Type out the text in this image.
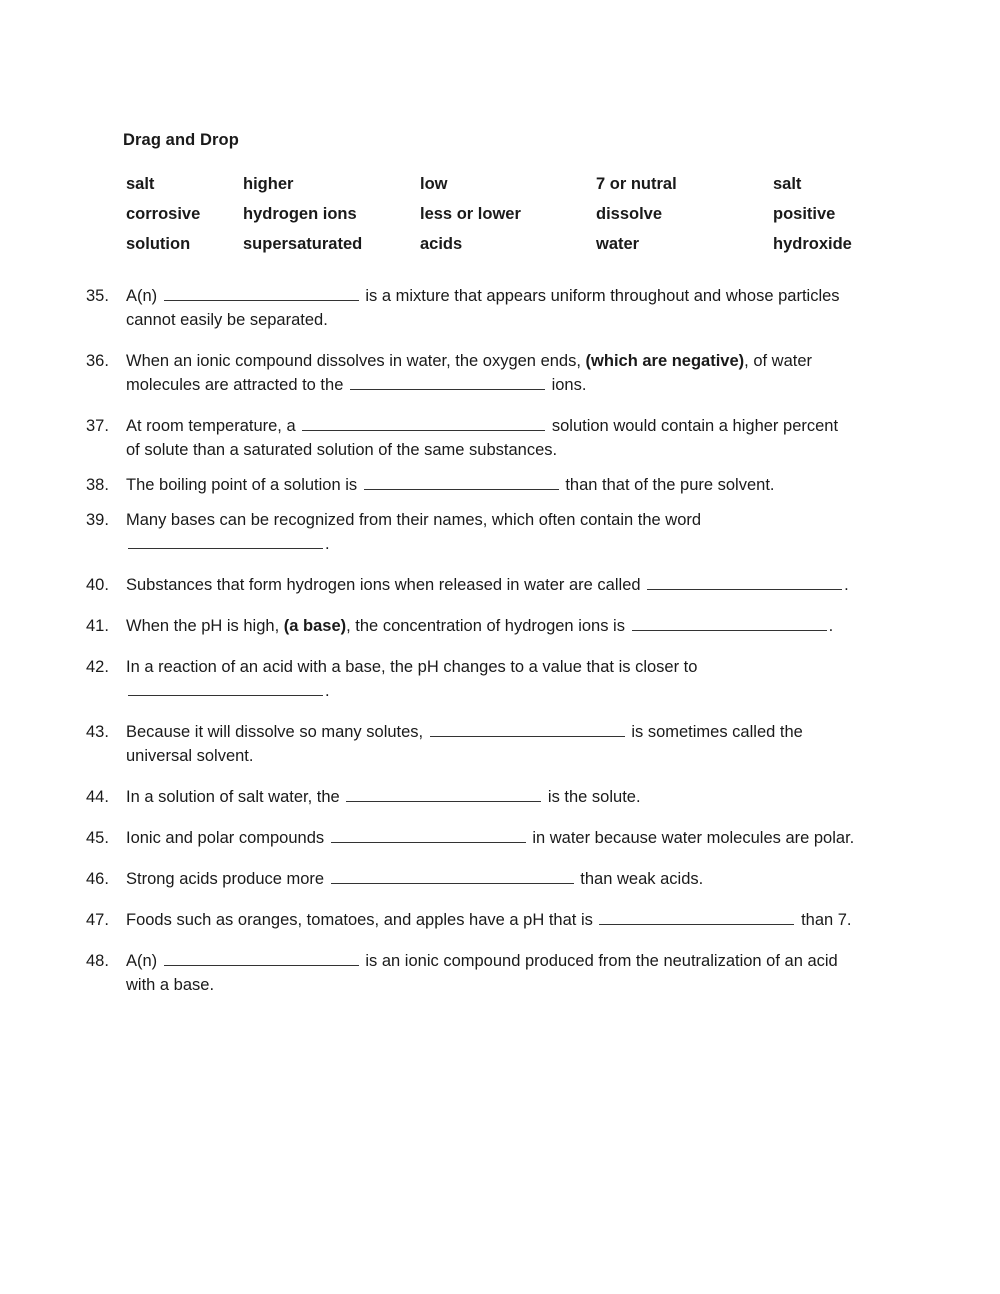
Drag and Drop
salt	higher	low	7 or nutral	salt
corrosive	hydrogen ions	less or lower	dissolve	positive
solution	supersaturated	acids	water	hydroxide
35. A(n)	is a mixture that appears uniform throughout and whose particles
cannot easily be separated.
36. When an ionic compound dissolves in water, the oxygen ends, (which are negative), of water
molecules are attracted to the	ions.
37. At room temperature, a	solution would contain a higher percent
of solute than a saturated solution of the same substances.
38. The boiling point of a solution is	than that of the pure solvent.
39. Many bases can be recognized from their names, which often contain the word
.
40. Substances that form hydrogen ions when released in water are called	.
41. When the pH is high, (a base), the concentration of hydrogen ions is	.
42. In a reaction of an acid with a base, the pH changes to a value that is closer to
.
43. Because it will dissolve so many solutes,	is sometimes called the
universal solvent.
44. In a solution of salt water, the	is the solute.
45. Ionic and polar compounds	in water because water molecules are polar.
46. Strong acids produce more	than weak acids.
47. Foods such as oranges, tomatoes, and apples have a pH that is	than 7.
48. A(n)	is an ionic compound produced from the neutralization of an acid
with a base.
